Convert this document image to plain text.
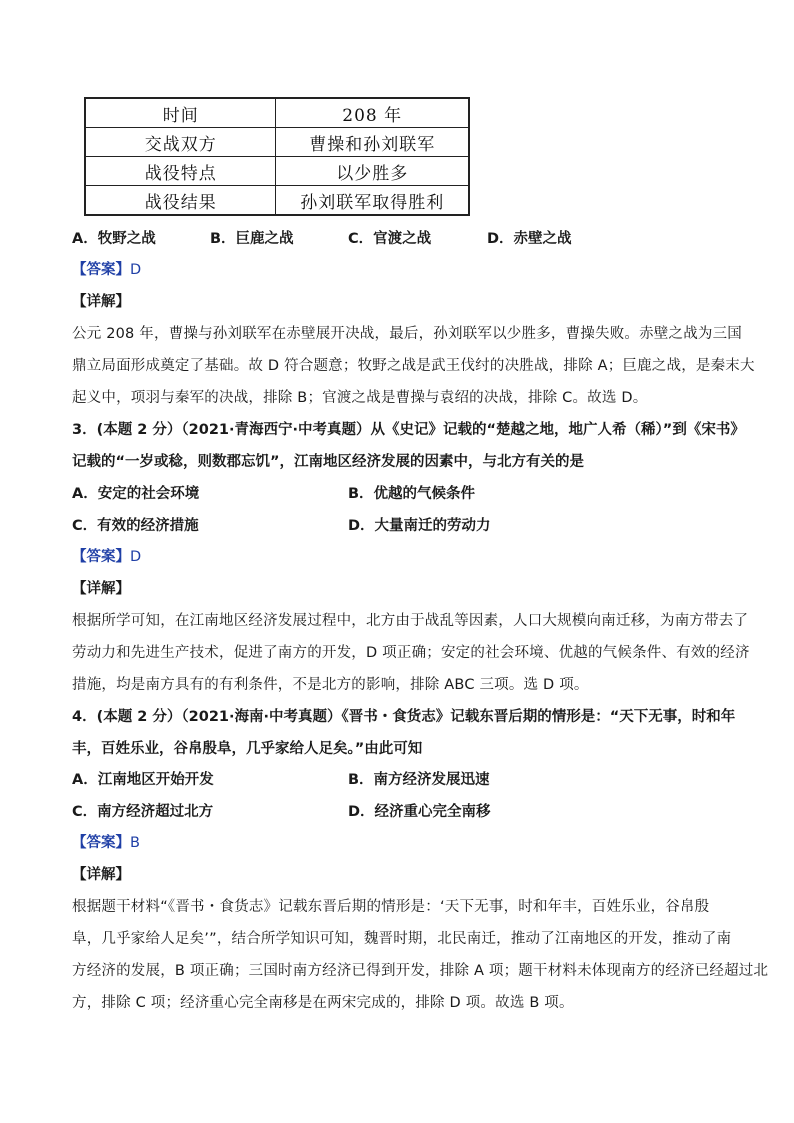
时间	208 年
交战双方	曹操和孙刘联军
战役特点	以少胜多
战役结果	孙刘联军取得胜利
A．牧野之战	B．巨鹿之战	C．官渡之战	D．赤壁之战
【答案】D
【详解】
公元 208 年，曹操与孙刘联军在赤壁展开决战，最后，孙刘联军以少胜多，曹操失败。赤壁之战为三国
鼎立局面形成奠定了基础。故 D 符合题意；牧野之战是武王伐纣的决胜战，排除 A；巨鹿之战，是秦末大
起义中，项羽与秦军的决战，排除 B；官渡之战是曹操与袁绍的决战，排除 C。故选 D。
3．(本题 2 分）（2021·青海西宁·中考真题）从《史记》记载的“楚越之地，地广人希（稀）”到《宋书》
记载的“一岁或稔，则数郡忘饥”，江南地区经济发展的因素中，与北方有关的是
A．安定的社会环境	B．优越的气候条件
C．有效的经济措施	D．大量南迁的劳动力
【答案】D
【详解】
根据所学可知，在江南地区经济发展过程中，北方由于战乱等因素，人口大规模向南迁移，为南方带去了
劳动力和先进生产技术，促进了南方的开发，D 项正确；安定的社会环境、优越的气候条件、有效的经济
措施，均是南方具有的有利条件，不是北方的影响，排除 ABC 三项。选 D 项。
4．(本题 2 分）（2021·海南·中考真题）《晋书・食货志》记载东晋后期的情形是：“天下无事，时和年
丰，百姓乐业，谷帛殷阜，几乎家给人足矣。”由此可知
A．江南地区开始开发	B．南方经济发展迅速
C．南方经济超过北方	D．经济重心完全南移
【答案】B
【详解】
根据题干材料“《晋书・食货志》记载东晋后期的情形是：‘天下无事，时和年丰，百姓乐业，谷帛殷
阜，几乎家给人足矣’”，结合所学知识可知，魏晋时期，北民南迁，推动了江南地区的开发，推动了南
方经济的发展，B 项正确；三国时南方经济已得到开发，排除 A 项；题干材料未体现南方的经济已经超过北
方，排除 C 项；经济重心完全南移是在两宋完成的，排除 D 项。故选 B 项。
